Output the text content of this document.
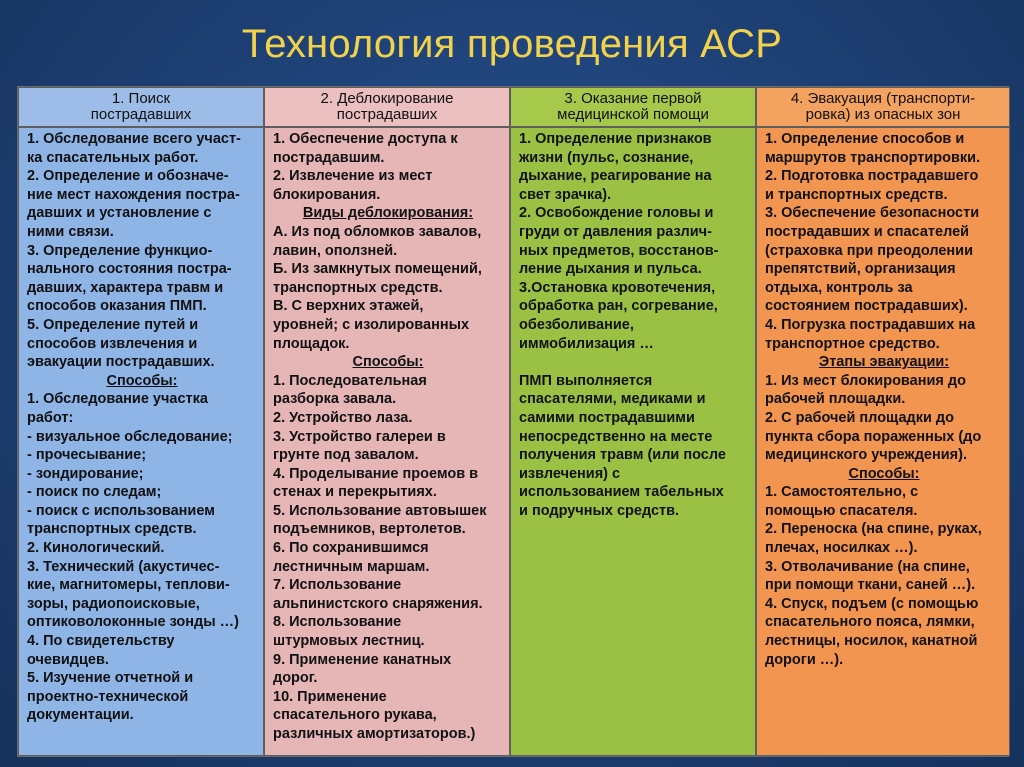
Технология проведения АСР
1. Поиск
пострадавших
2. Деблокирование
пострадавших
3. Оказание первой
медицинской помощи
4. Эвакуация (транспорти-
ровка) из опасных зон
1. Обследование всего участ-
ка спасательных работ.
2. Определение и обозначе-
ние мест нахождения постра-
давших и установление с
ними связи.
3. Определение функцио-
нального состояния постра-
давших, характера травм и
способов оказания ПМП.
5. Определение путей и
способов извлечения и
эвакуации пострадавших.
Способы:
1. Обследование участка
работ:
- визуальное обследование;
- прочесывание;
- зондирование;
- поиск по следам;
- поиск с использованием
транспортных средств.
2. Кинологический.
3. Технический (акустичес-
кие, магнитомеры, теплови-
зоры, радиопоисковые,
оптиковолоконные зонды …)
4. По свидетельству
очевидцев.
5. Изучение отчетной и
проектно-технической
документации.
1. Обеспечение доступа к
пострадавшим.
2. Извлечение из мест
блокирования.
Виды деблокирования:
А. Из под обломков завалов,
лавин, оползней.
Б. Из замкнутых помещений,
транспортных средств.
В. С верхних этажей,
уровней; с изолированных
площадок.
Способы:
1. Последовательная
разборка завала.
2. Устройство лаза.
3. Устройство галереи в
грунте под завалом.
4. Проделывание проемов в
стенах и перекрытиях.
5. Использование автовышек
подъемников, вертолетов.
6. По сохранившимся
лестничным маршам.
7. Использование
альпинистского снаряжения.
8. Использование
штурмовых лестниц.
9. Применение канатных
дорог.
10. Применение
спасательного рукава,
различных амортизаторов.)
1. Определение признаков
жизни (пульс, сознание,
дыхание, реагирование на
свет зрачка).
2. Освобождение головы и
груди от давления различ-
ных предметов, восстанов-
ление дыхания и пульса.
3.Остановка кровотечения,
обработка ран, согревание,
обезболивание,
иммобилизация …
ПМП выполняется
спасателями, медиками и
самими пострадавшими
непосредственно на месте
получения травм (или после
извлечения) с
использованием табельных
и подручных средств.
1. Определение способов и
маршрутов транспортировки.
2. Подготовка пострадавшего
и транспортных средств.
3. Обеспечение безопасности
пострадавших и спасателей
(страховка при преодолении
препятствий, организация
отдыха, контроль за
состоянием пострадавших).
4. Погрузка пострадавших на
транспортное средство.
Этапы эвакуации:
1. Из мест блокирования до
рабочей площадки.
2. С рабочей площадки до
пункта сбора пораженных (до
медицинского учреждения).
Способы:
1. Самостоятельно, с
помощью спасателя.
2. Переноска (на спине, руках,
плечах, носилках …).
3. Отволачивание (на спине,
при помощи ткани, саней …).
4. Спуск, подъем (с помощью
спасательного пояса, лямки,
лестницы, носилок, канатной
дороги …).
